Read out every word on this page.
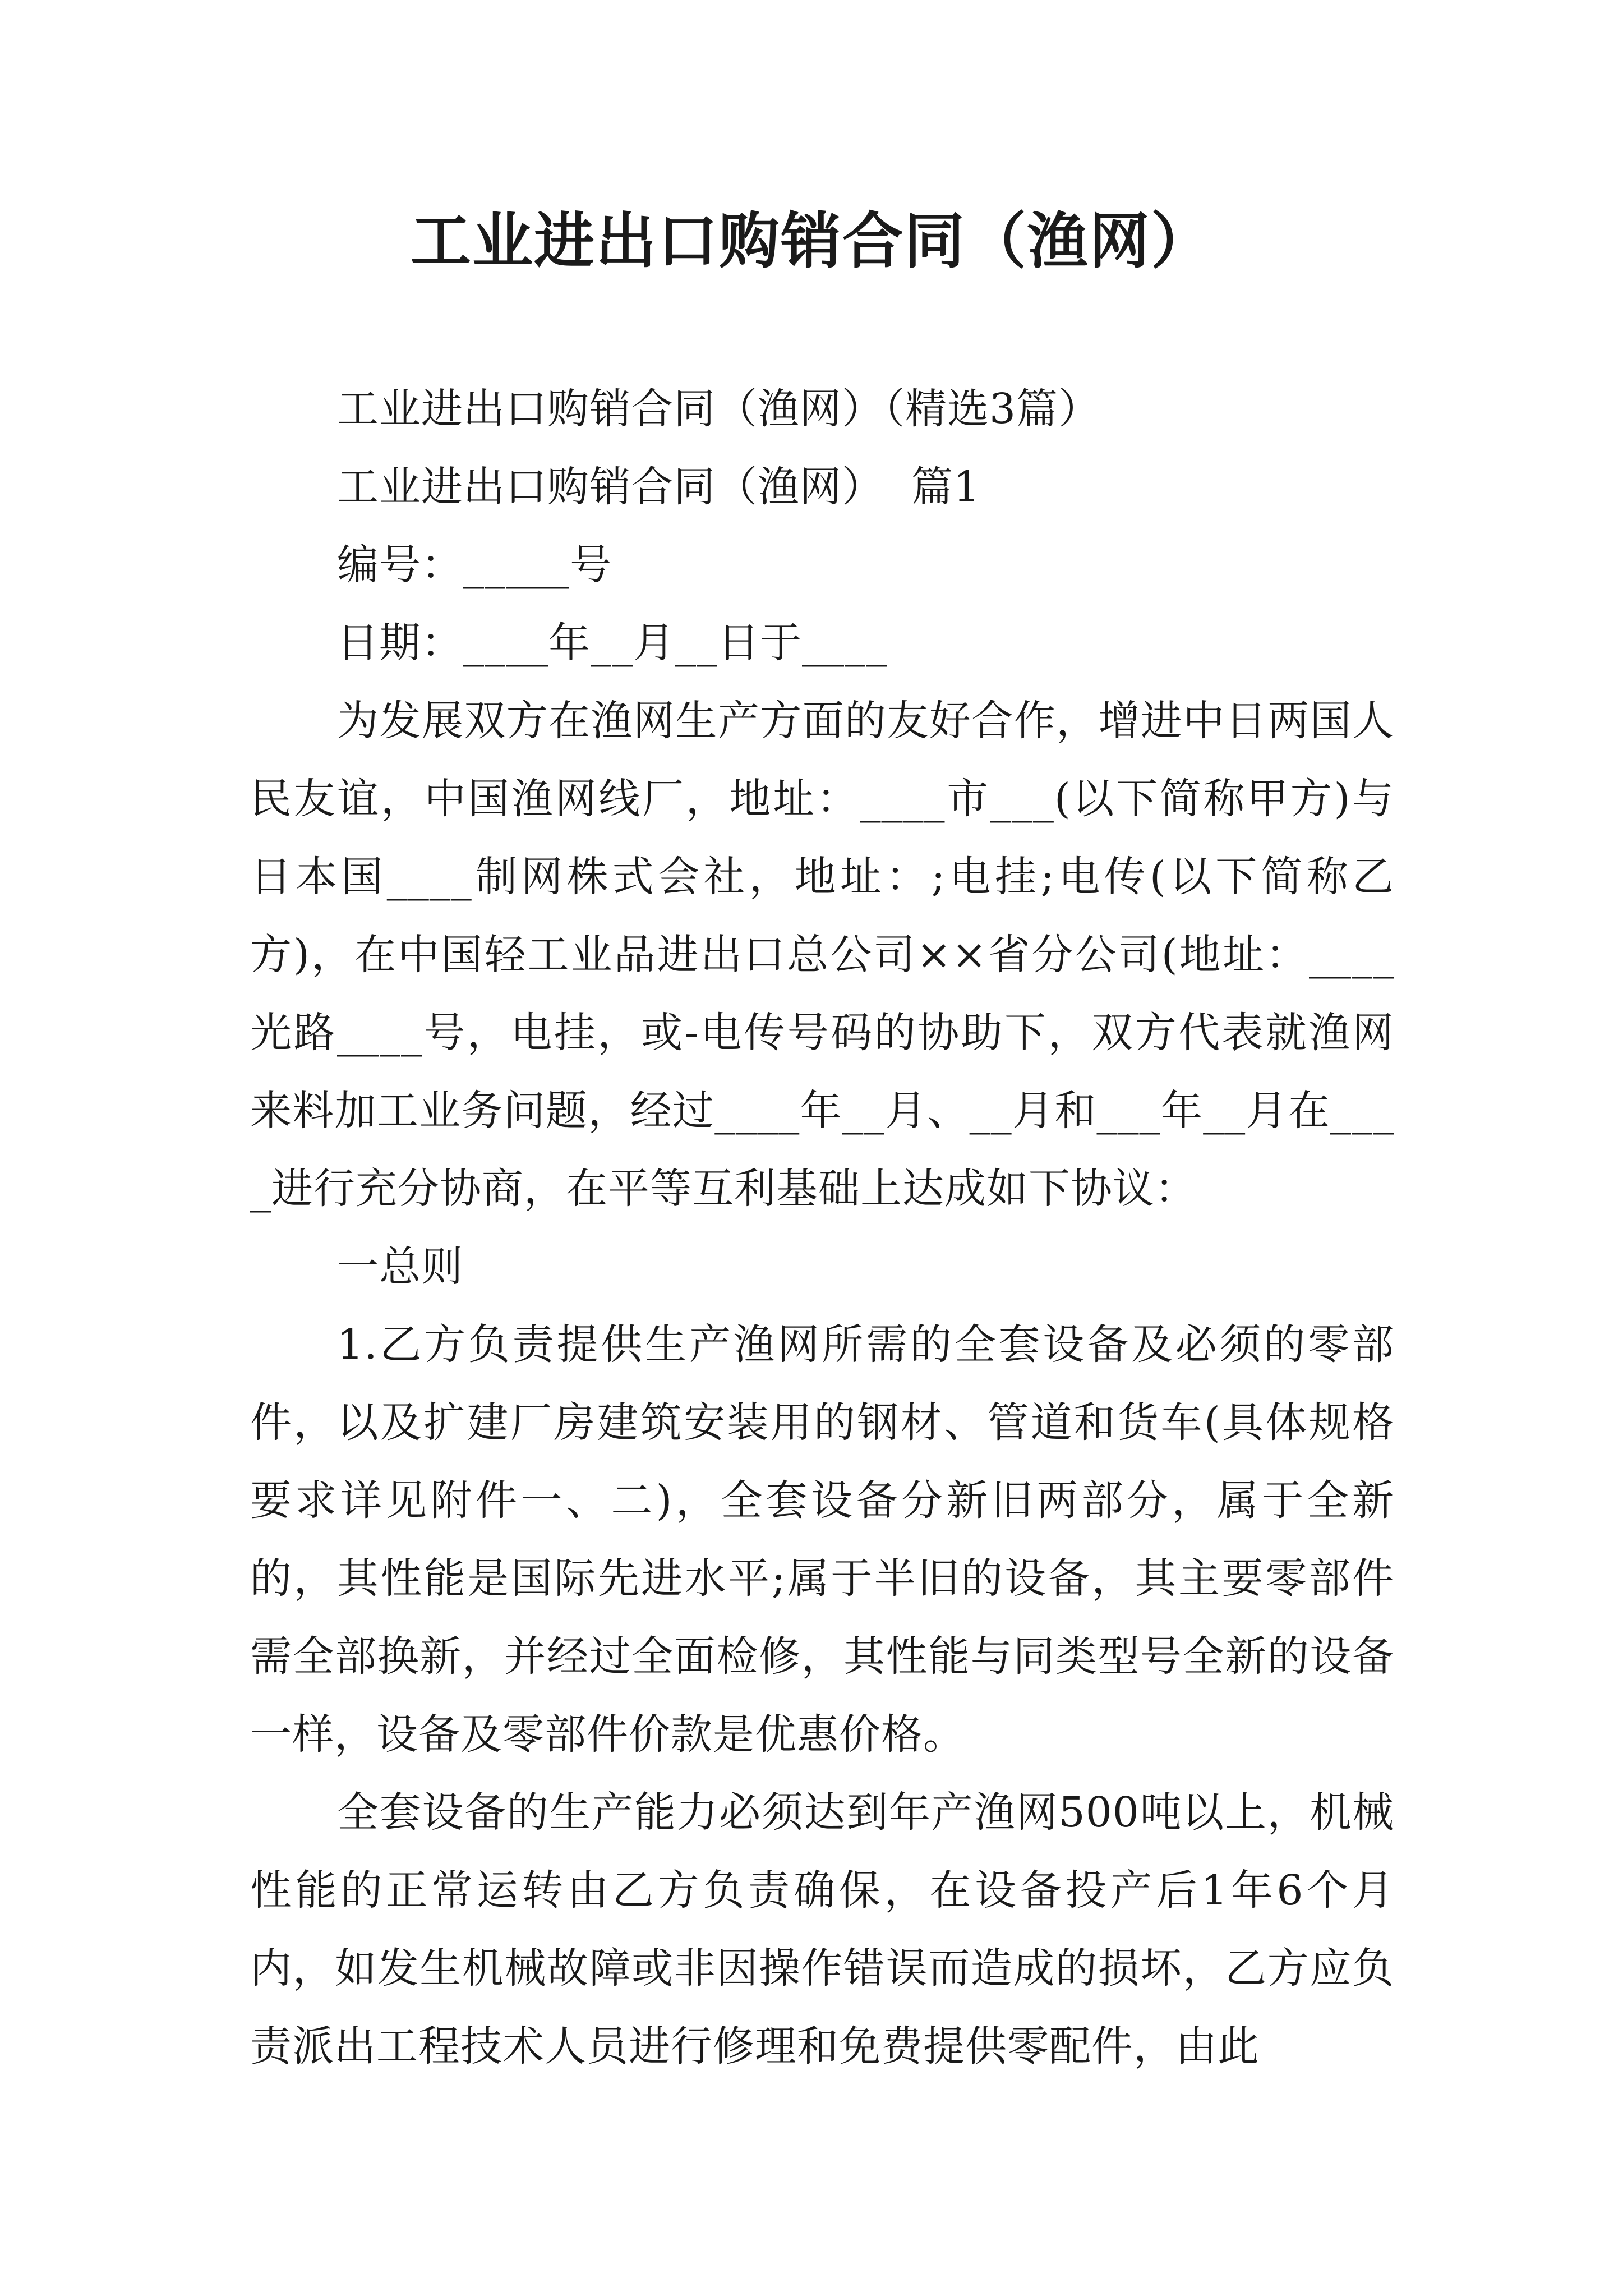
工业进出口购销合同（渔网）

工业进出口购销合同（渔网）（精选3篇）

工业进出口购销合同（渔网）  篇1

编号：_____号

日期：____年__月__日于____

为发展双方在渔网生产方面的友好合作，增进中日两国人民友谊，中国渔网线厂，地址：____市___(以下简称甲方)与日本国____制网株式会社，地址：;电挂;电传(以下简称乙方)，在中国轻工业品进出口总公司××省分公司(地址：____光路____号，电挂，或-电传号码的协助下，双方代表就渔网来料加工业务问题，经过____年__月、__月和___年__月在____进行充分协商，在平等互利基础上达成如下协议：

一总则

1.乙方负责提供生产渔网所需的全套设备及必须的零部件，以及扩建厂房建筑安装用的钢材、管道和货车(具体规格要求详见附件一、二)，全套设备分新旧两部分，属于全新的，其性能是国际先进水平;属于半旧的设备，其主要零部件需全部换新，并经过全面检修，其性能与同类型号全新的设备一样，设备及零部件价款是优惠价格。

全套设备的生产能力必须达到年产渔网500吨以上，机械性能的正常运转由乙方负责确保，在设备投产后1年6个月内，如发生机械故障或非因操作错误而造成的损坏，乙方应负责派出工程技术人员进行修理和免费提供零配件，由此
